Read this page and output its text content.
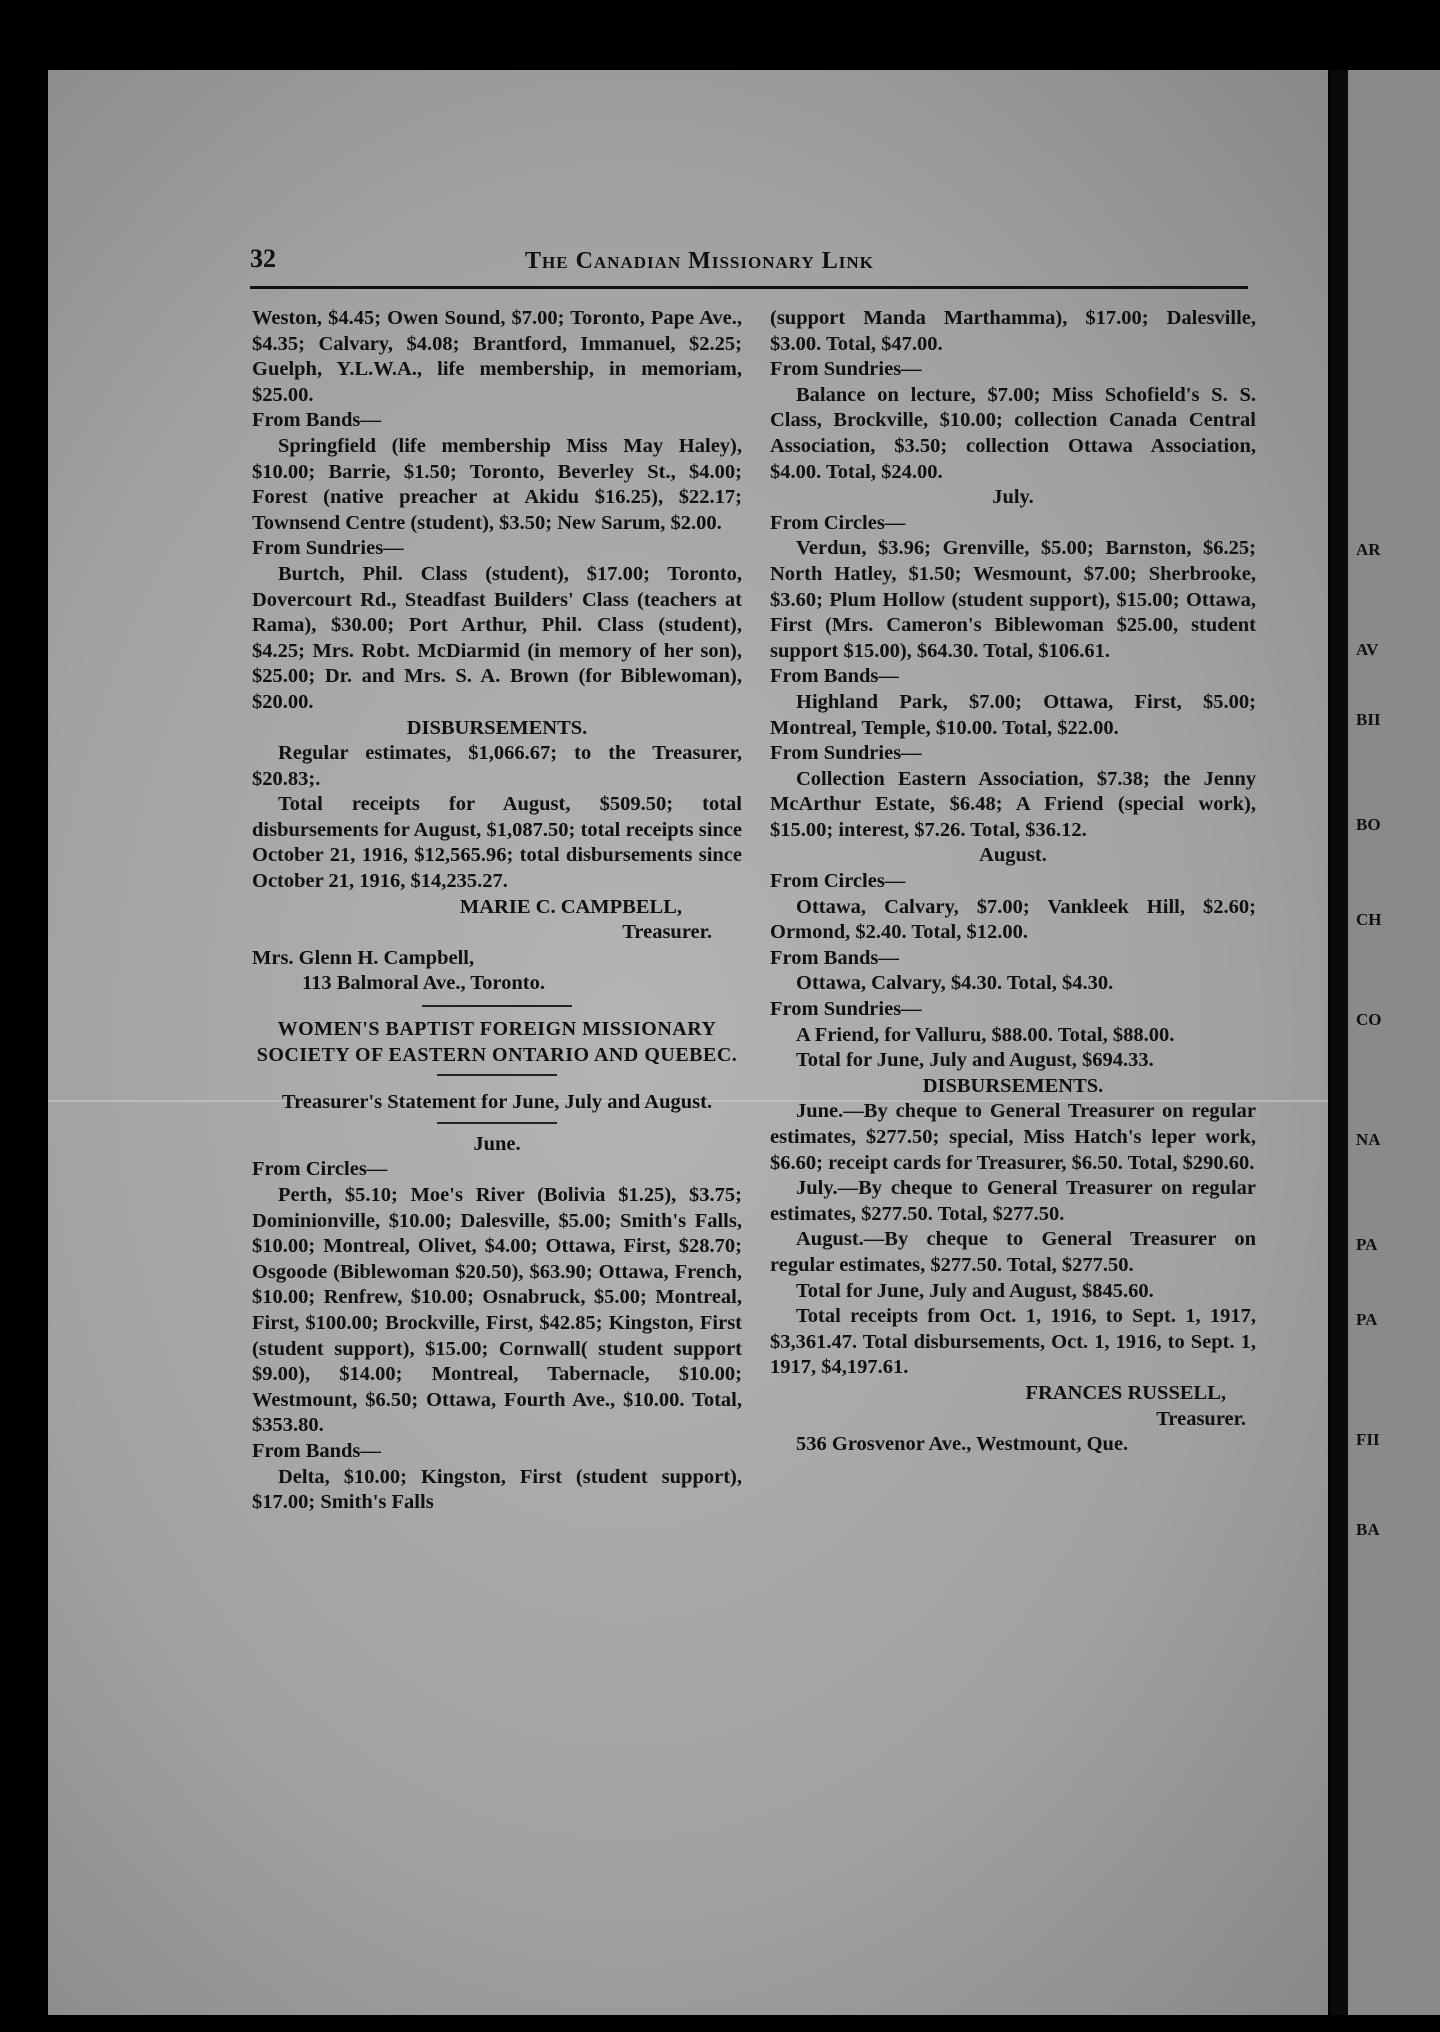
AR
AV
BII
BO
CH
CO
NA
PA
PA
FII
BA
32	The Canadian Missionary Link

Weston, $4.45; Owen Sound, $7.00; Toronto, Pape Ave., $4.35; Calvary, $4.08; Brantford, Immanuel, $2.25; Guelph, Y.L.W.A., life membership, in memoriam, $25.00.

From Bands—

Springfield (life membership Miss May Haley), $10.00; Barrie, $1.50; Toronto, Beverley St., $4.00; Forest (native preacher at Akidu $16.25), $22.17; Townsend Centre (student), $3.50; New Sarum, $2.00.

From Sundries—

Burtch, Phil. Class (student), $17.00; Toronto, Dovercourt Rd., Steadfast Builders' Class (teachers at Rama), $30.00; Port Arthur, Phil. Class (student), $4.25; Mrs. Robt. McDiarmid (in memory of her son), $25.00; Dr. and Mrs. S. A. Brown (for Biblewoman), $20.00.

DISBURSEMENTS.

Regular estimates, $1,066.67; to the Treasurer, $20.83;.

Total receipts for August, $509.50; total disbursements for August, $1,087.50; total receipts since October 21, 1916, $12,565.96; total disbursements since October 21, 1916, $14,235.27.

MARIE C. CAMPBELL,

Treasurer.

Mrs. Glenn H. Campbell,

113 Balmoral Ave., Toronto.

WOMEN'S BAPTIST FOREIGN MISSIONARY SOCIETY OF EASTERN ONTARIO AND QUEBEC.

Treasurer's Statement for June, July and August.

June.

From Circles—

Perth, $5.10; Moe's River (Bolivia $1.25), $3.75; Dominionville, $10.00; Dalesville, $5.00; Smith's Falls, $10.00; Montreal, Olivet, $4.00; Ottawa, First, $28.70; Osgoode (Biblewoman $20.50), $63.90; Ottawa, French, $10.00; Renfrew, $10.00; Osnabruck, $5.00; Montreal, First, $100.00; Brockville, First, $42.85; Kingston, First (student support), $15.00; Cornwall( student support $9.00), $14.00; Montreal, Tabernacle, $10.00; Westmount, $6.50; Ottawa, Fourth Ave., $10.00. Total, $353.80.

From Bands—

Delta, $10.00; Kingston, First (student support), $17.00; Smith's Falls

(support Manda Marthamma), $17.00; Dalesville, $3.00. Total, $47.00.

From Sundries—

Balance on lecture, $7.00; Miss Schofield's S. S. Class, Brockville, $10.00; collection Canada Central Association, $3.50; collection Ottawa Association, $4.00. Total, $24.00.

July.

From Circles—

Verdun, $3.96; Grenville, $5.00; Barnston, $6.25; North Hatley, $1.50; Wesmount, $7.00; Sherbrooke, $3.60; Plum Hollow (student support), $15.00; Ottawa, First (Mrs. Cameron's Biblewoman $25.00, student support $15.00), $64.30. Total, $106.61.

From Bands—

Highland Park, $7.00; Ottawa, First, $5.00; Montreal, Temple, $10.00. Total, $22.00.

From Sundries—

Collection Eastern Association, $7.38; the Jenny McArthur Estate, $6.48; A Friend (special work), $15.00; interest, $7.26. Total, $36.12.

August.

From Circles—

Ottawa, Calvary, $7.00; Vankleek Hill, $2.60; Ormond, $2.40. Total, $12.00.

From Bands—

Ottawa, Calvary, $4.30. Total, $4.30.

From Sundries—

A Friend, for Valluru, $88.00. Total, $88.00.

Total for June, July and August, $694.33.

DISBURSEMENTS.

June.—By cheque to General Treasurer on regular estimates, $277.50; special, Miss Hatch's leper work, $6.60; receipt cards for Treasurer, $6.50. Total, $290.60.

July.—By cheque to General Treasurer on regular estimates, $277.50. Total, $277.50.

August.—By cheque to General Treasurer on regular estimates, $277.50. Total, $277.50.

Total for June, July and August, $845.60.

Total receipts from Oct. 1, 1916, to Sept. 1, 1917, $3,361.47. Total disbursements, Oct. 1, 1916, to Sept. 1, 1917, $4,197.61.

FRANCES RUSSELL,

Treasurer.

536 Grosvenor Ave., Westmount, Que.
